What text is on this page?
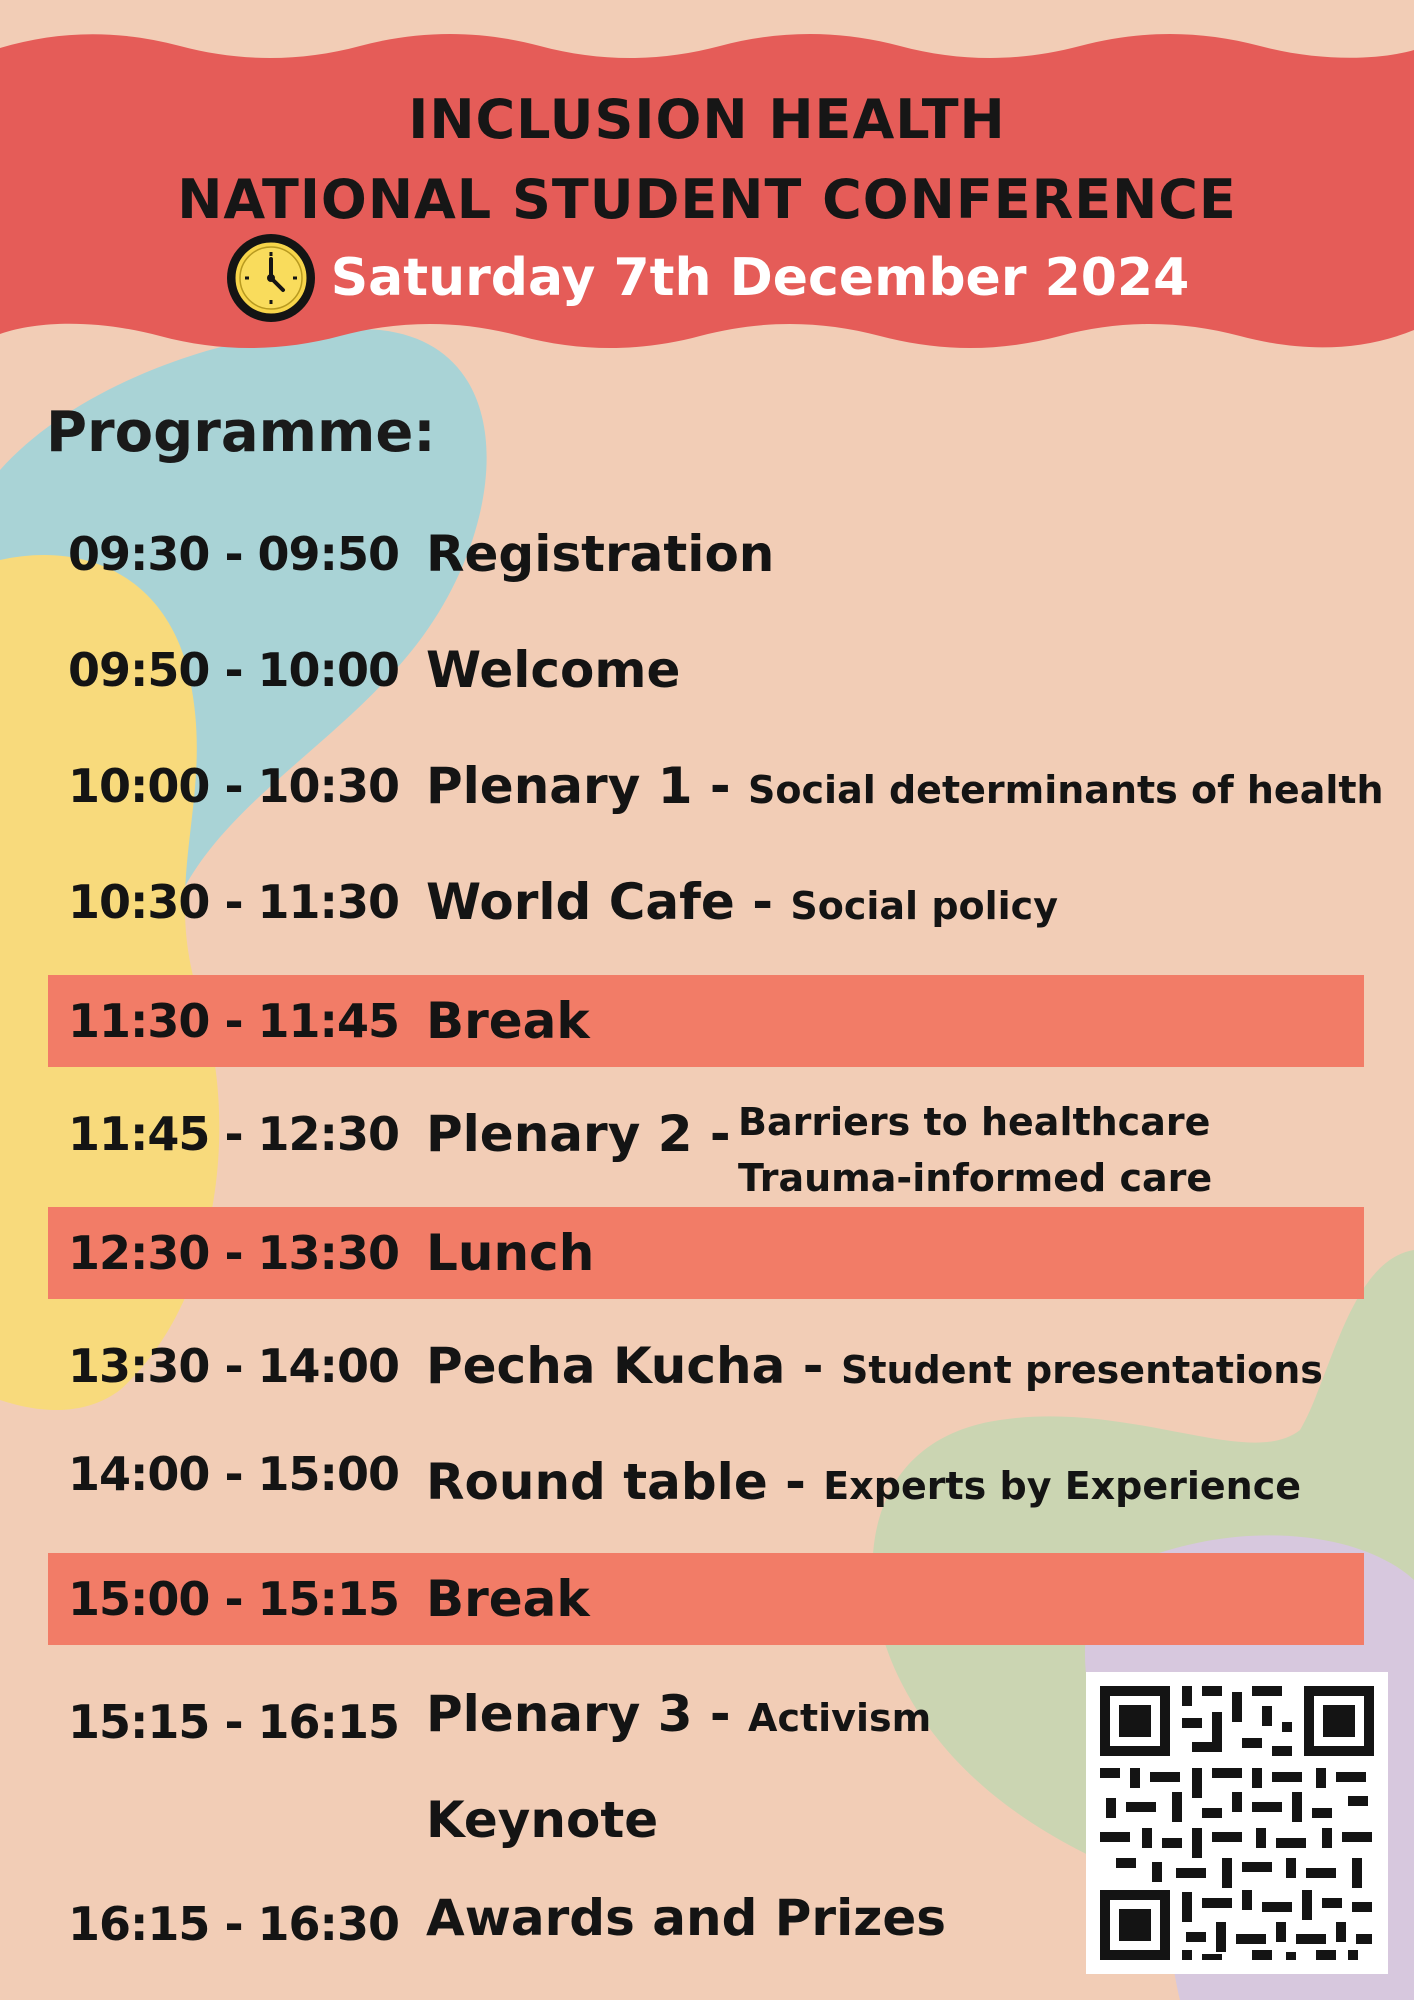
INCLUSION HEALTH
NATIONAL STUDENT CONFERENCE
Saturday 7th December 2024
Programme:
09:30 - 09:50 Registration
09:50 - 10:00 Welcome
10:00 - 10:30 Plenary 1 - Social determinants of health
10:30 - 11:30 World Cafe - Social policy
11:30 - 11:45 Break
11:45 - 12:30 Plenary 2 - Barriers to healthcare
Trauma-informed care
12:30 - 13:30 Lunch
13:30 - 14:00 Pecha Kucha - Student presentations
14:00 - 15:00 Round table - Experts by Experience
15:00 - 15:15 Break
15:15 - 16:15 Plenary 3 - Activism
Keynote
16:15 - 16:30 Awards and Prizes
